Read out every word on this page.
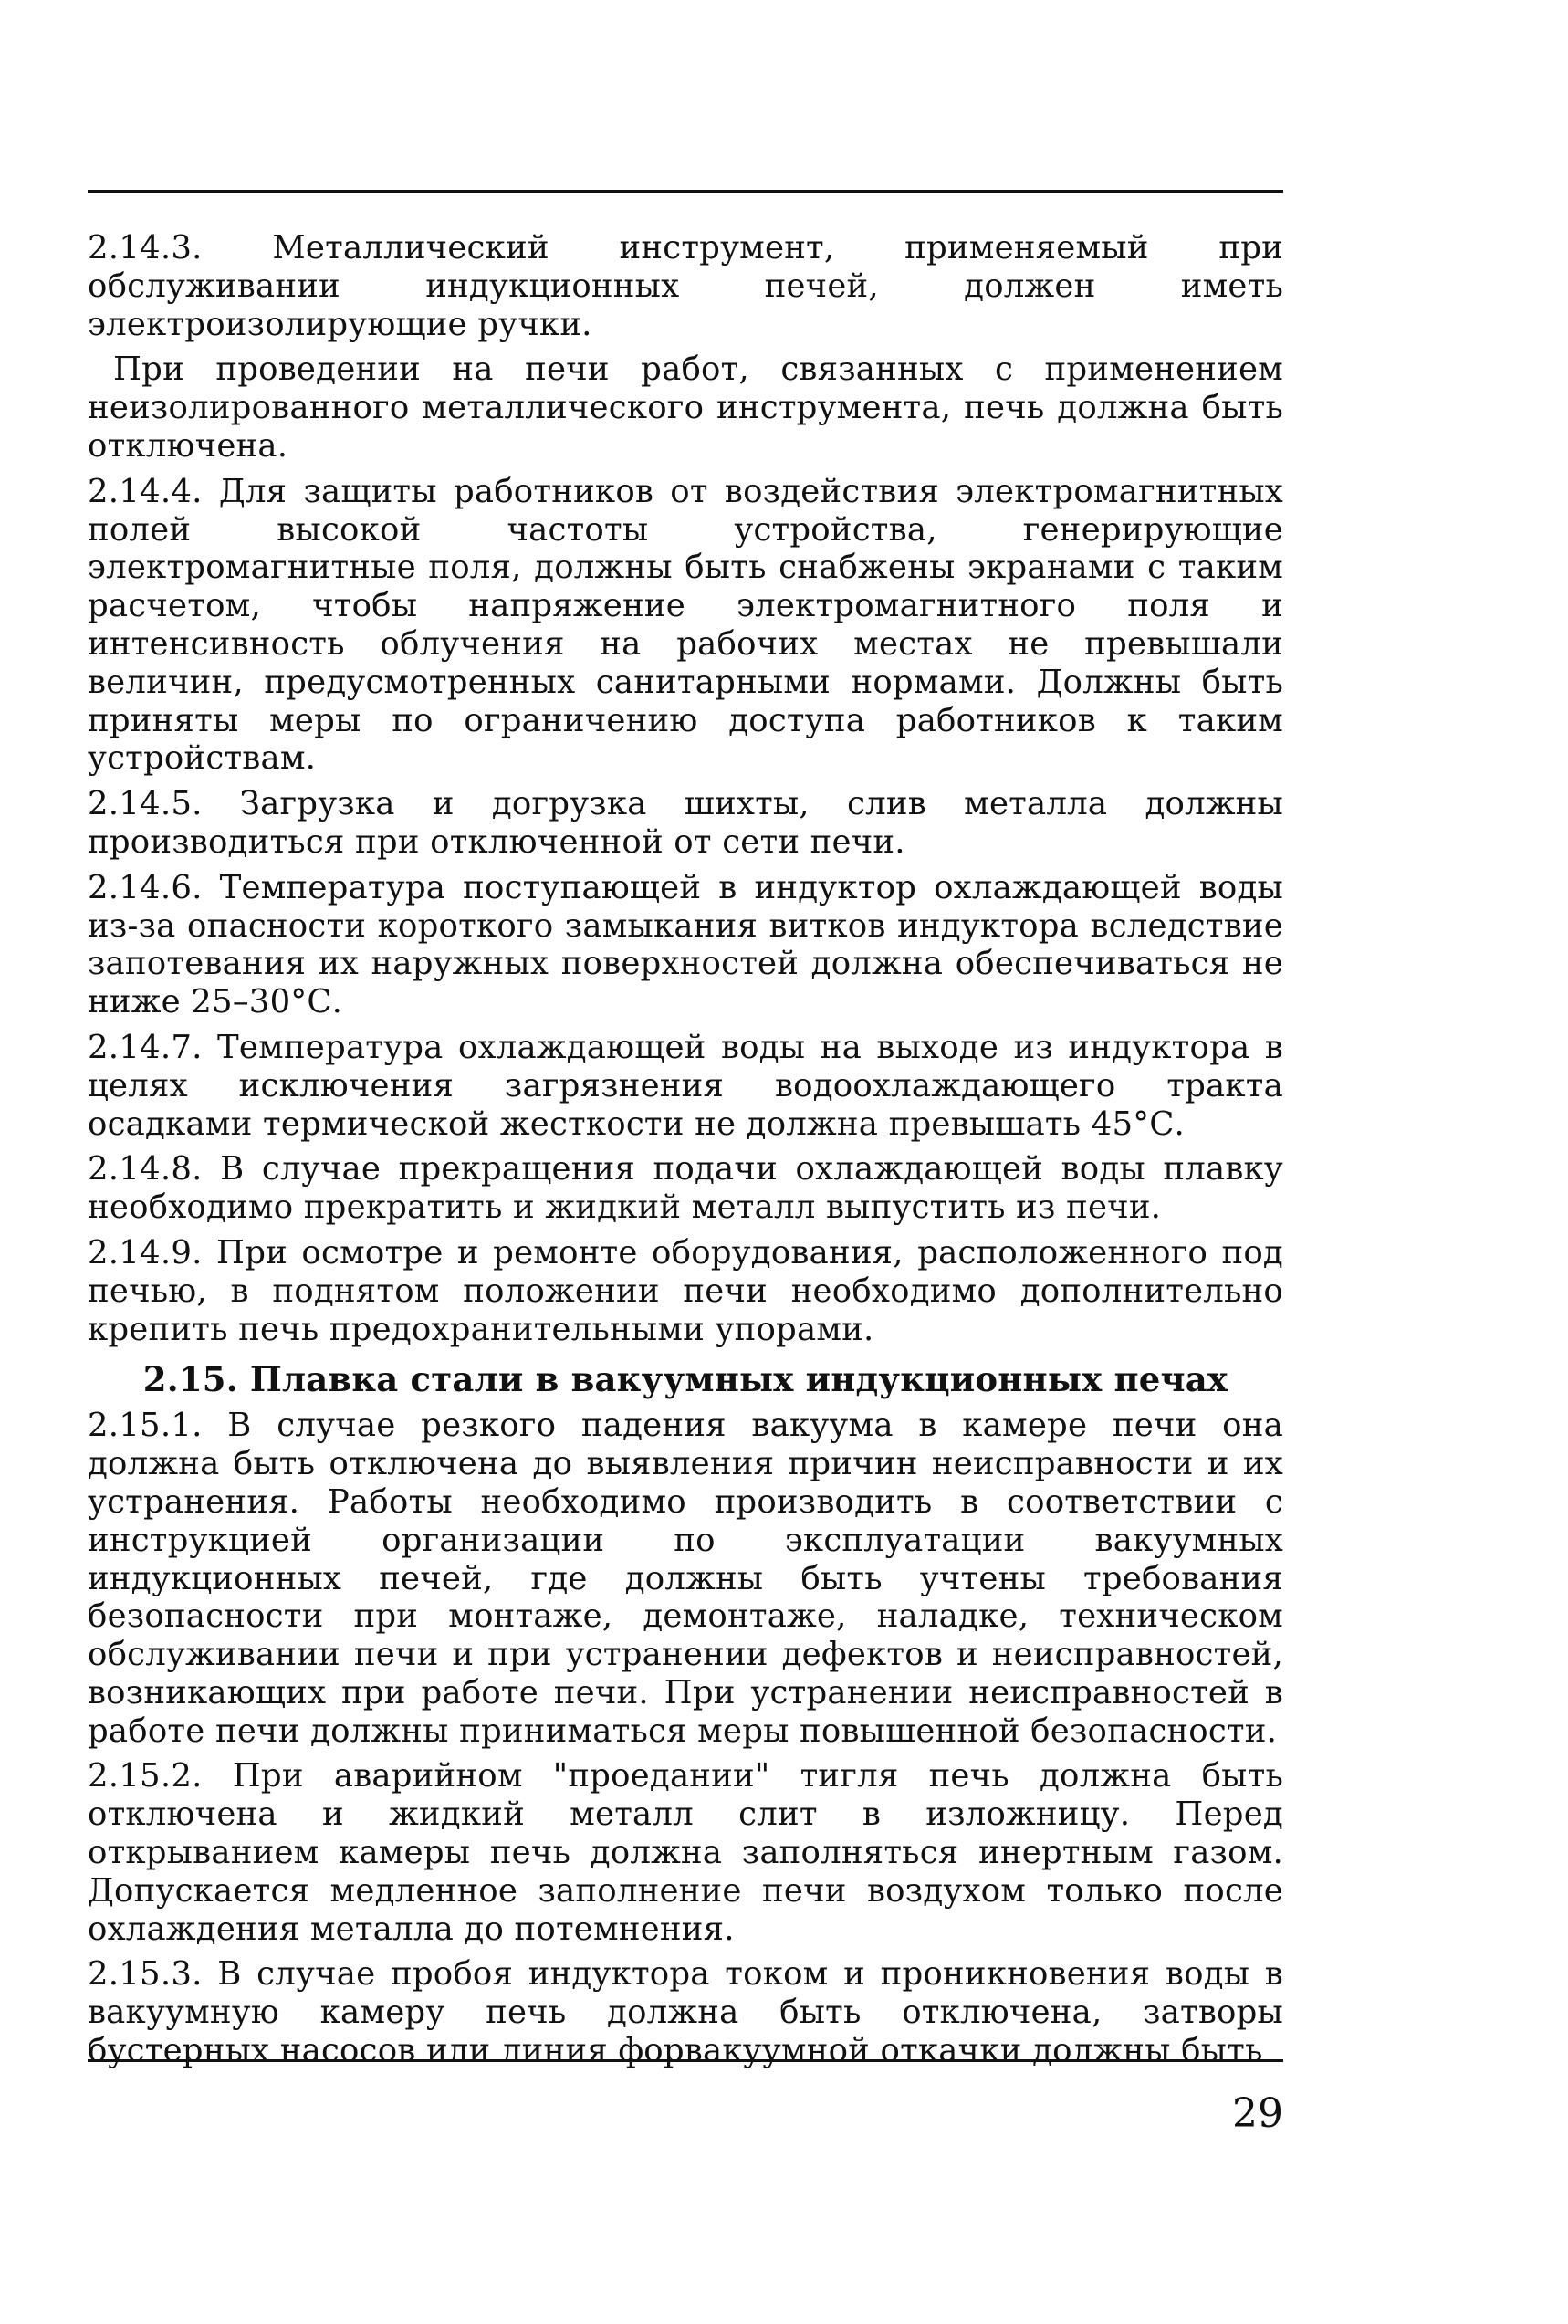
2.14.3. Металлический инструмент, применяемый при обслуживании индукционных печей, должен иметь электроизолирующие ручки.

При проведении на печи работ, связанных с применением неизолированного металлического инструмента, печь должна быть отключена.

2.14.4. Для защиты работников от воздействия электромагнитных полей высокой частоты устройства, генерирующие электромагнитные поля, должны быть снабжены экранами с таким расчетом, чтобы напряжение электромагнитного поля и интенсивность облучения на рабочих местах не превышали величин, предусмотренных санитарными нормами. Должны быть приняты меры по ограничению доступа работников к таким устройствам.

2.14.5. Загрузка и догрузка шихты, слив металла должны производиться при отключенной от сети печи.

2.14.6. Температура поступающей в индуктор охлаждающей воды из-за опасности короткого замыкания витков индуктора вследствие запотевания их наружных поверхностей должна обеспечиваться не ниже 25–30°С.

2.14.7. Температура охлаждающей воды на выходе из индуктора в целях исключения загрязнения водоохлаждающего тракта осадками термической жесткости не должна превышать 45°С.

2.14.8. В случае прекращения подачи охлаждающей воды плавку необходимо прекратить и жидкий металл выпустить из печи.

2.14.9. При осмотре и ремонте оборудования, расположенного под печью, в поднятом положении печи необходимо дополнительно крепить печь предохранительными упорами.

2.15. Плавка стали в вакуумных индукционных печах

2.15.1. В случае резкого падения вакуума в камере печи она должна быть отключена до выявления причин неисправности и их устранения. Работы необходимо производить в соответствии с инструкцией организации по эксплуатации вакуумных индукционных печей, где должны быть учтены требования безопасности при монтаже, демонтаже, наладке, техническом обслуживании печи и при устранении дефектов и неисправностей, возникающих при работе печи. При устранении неисправностей в работе печи должны приниматься меры повышенной безопасности.

2.15.2. При аварийном "проедании" тигля печь должна быть отключена и жидкий металл слит в изложницу. Перед открыванием камеры печь должна заполняться инертным газом. Допускается медленное заполнение печи воздухом только после охлаждения металла до потемнения.

2.15.3. В случае пробоя индуктора током и проникновения воды в вакуумную камеру печь должна быть отключена, затворы бустерных насосов или линия форвакуумной откачки должны быть

29
